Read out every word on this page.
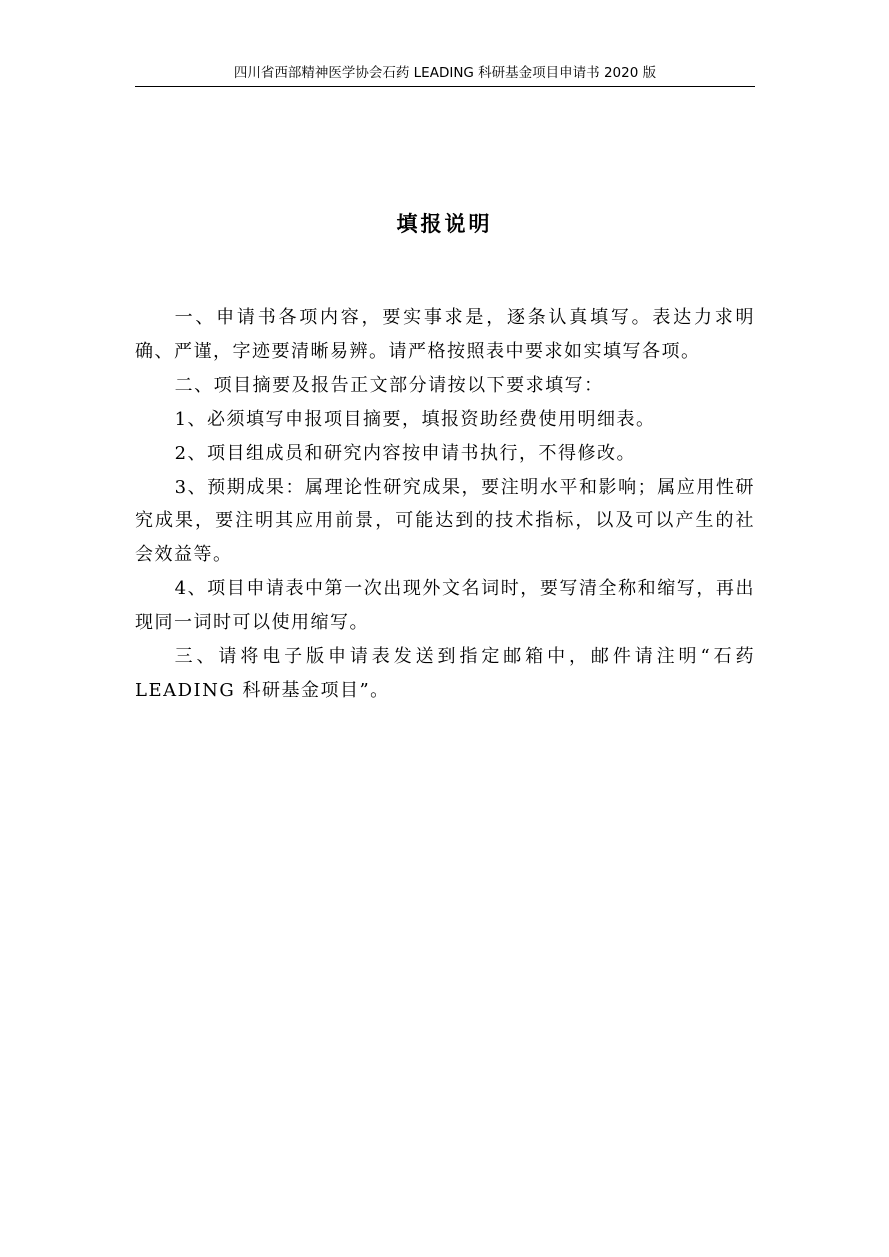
四川省西部精神医学协会石药 LEADING 科研基金项目申请书 2020 版
填报说明

一、申请书各项内容，要实事求是，逐条认真填写。表达力求明确、严谨，字迹要清晰易辨。请严格按照表中要求如实填写各项。

二、项目摘要及报告正文部分请按以下要求填写：

1、必须填写申报项目摘要，填报资助经费使用明细表。

2、项目组成员和研究内容按申请书执行，不得修改。

3、预期成果：属理论性研究成果，要注明水平和影响；属应用性研究成果，要注明其应用前景，可能达到的技术指标，以及可以产生的社会效益等。

4、项目申请表中第一次出现外文名词时，要写清全称和缩写，再出现同一词时可以使用缩写。

三、请将电子版申请表发送到指定邮箱中，邮件请注明“石药 LEADING 科研基金项目”。
